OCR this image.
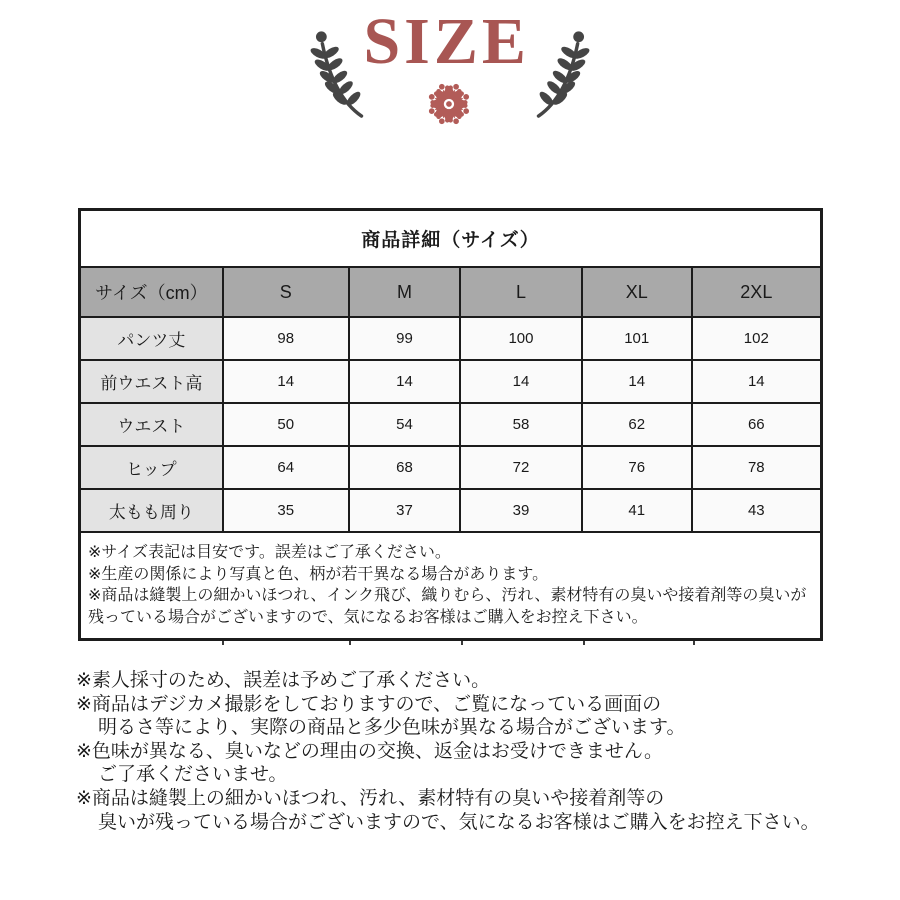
SIZE
商品詳細（サイズ）					
サイズ（cm）	S	M	L	XL	2XL
パンツ丈	98	99	100	101	102
前ウエスト高	14	14	14	14	14
ウエスト	50	54	58	62	66
ヒップ	64	68	72	76	78
太もも周り	35	37	39	41	43

※サイズ表記は目安です。誤差はご了承ください。
※生産の関係により写真と色、柄が若干異なる場合があります。
※商品は縫製上の細かいほつれ、インク飛び、織りむら、汚れ、素材特有の臭いや接着剤等の臭いが残っている場合がございますので、気になるお客様はご購入をお控え下さい。					
※素人採寸のため、誤差は予めご了承ください。
※商品はデジカメ撮影をしておりますので、ご覧になっている画面の
明るさ等により、実際の商品と多少色味が異なる場合がございます。
※色味が異なる、臭いなどの理由の交換、返金はお受けできません。
ご了承くださいませ。
※商品は縫製上の細かいほつれ、汚れ、素材特有の臭いや接着剤等の
臭いが残っている場合がございますので、気になるお客様はご購入をお控え下さい。
